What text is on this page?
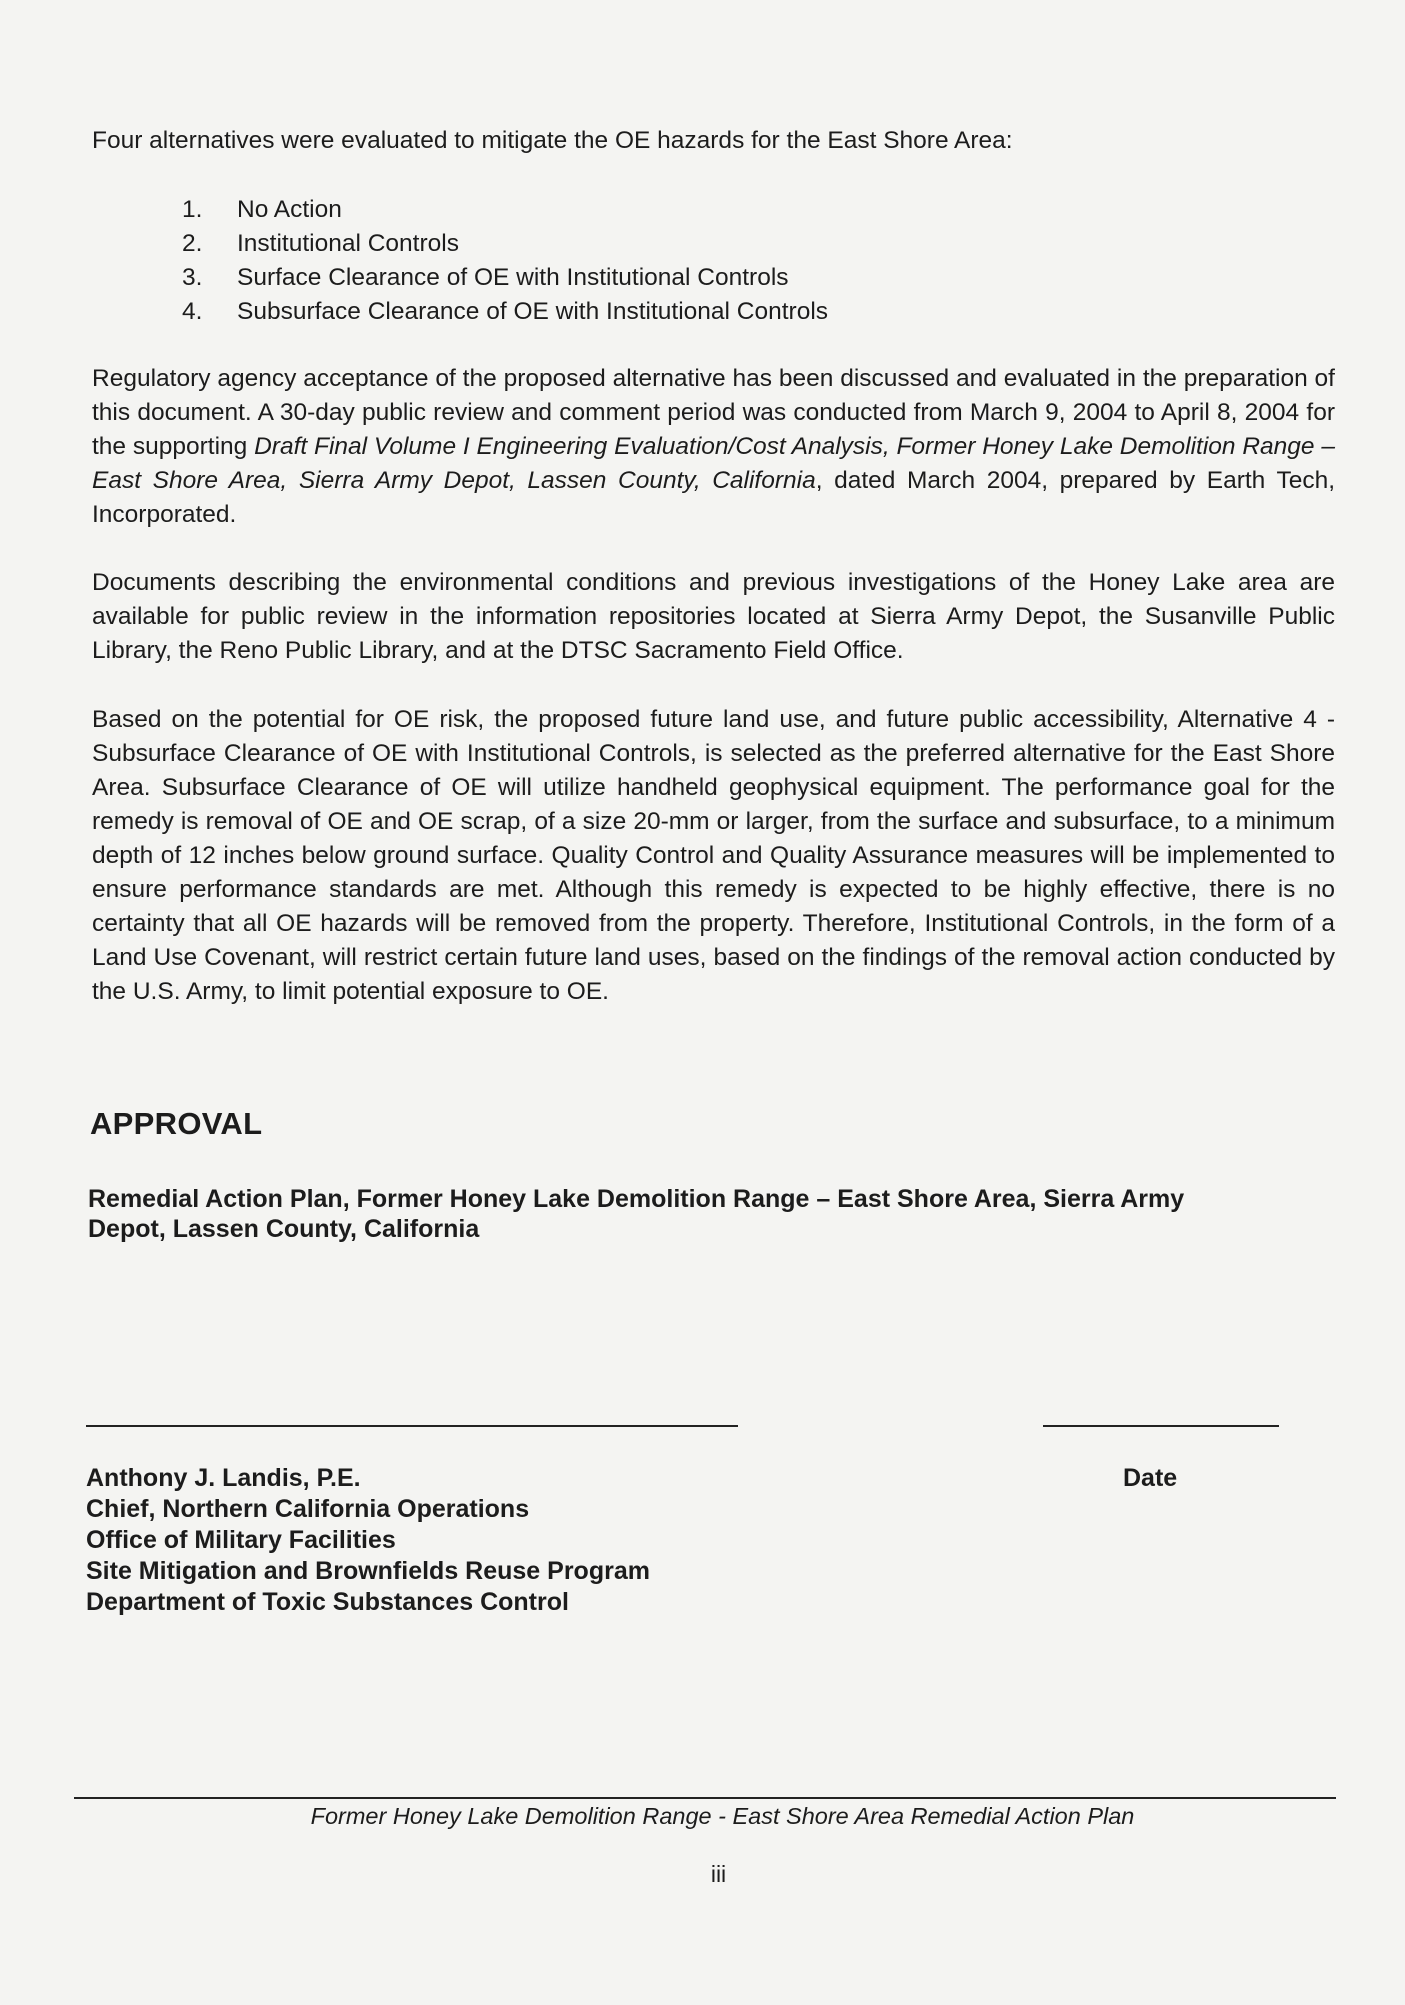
Four alternatives were evaluated to mitigate the OE hazards for the East Shore Area:
1.	No Action
2.	Institutional Controls
3.	Surface Clearance of OE with Institutional Controls
4.	Subsurface Clearance of OE with Institutional Controls

Regulatory agency acceptance of the proposed alternative has been discussed and evaluated in the preparation of this document. A 30-day public review and comment period was conducted from March 9, 2004 to April 8, 2004 for the supporting Draft Final Volume I Engineering Evaluation/Cost Analysis, Former Honey Lake Demolition Range – East Shore Area, Sierra Army Depot, Lassen County, California, dated March 2004, prepared by Earth Tech, Incorporated.

Documents describing the environmental conditions and previous investigations of the Honey Lake area are available for public review in the information repositories located at Sierra Army Depot, the Susanville Public Library, the Reno Public Library, and at the DTSC Sacramento Field Office.

Based on the potential for OE risk, the proposed future land use, and future public accessibility, Alternative 4 - Subsurface Clearance of OE with Institutional Controls, is selected as the preferred alternative for the East Shore Area. Subsurface Clearance of OE will utilize handheld geophysical equipment. The performance goal for the remedy is removal of OE and OE scrap, of a size 20-mm or larger, from the surface and subsurface, to a minimum depth of 12 inches below ground surface. Quality Control and Quality Assurance measures will be implemented to ensure performance standards are met. Although this remedy is expected to be highly effective, there is no certainty that all OE hazards will be removed from the property. Therefore, Institutional Controls, in the form of a Land Use Covenant, will restrict certain future land uses, based on the findings of the removal action conducted by the U.S. Army, to limit potential exposure to OE.

APPROVAL
Remedial Action Plan, Former Honey Lake Demolition Range – East Shore Area, Sierra Army
Depot, Lassen County, California
Anthony J. Landis, P.E.
Chief, Northern California Operations
Office of Military Facilities
Site Mitigation and Brownfields Reuse Program
Department of Toxic Substances Control
Date
Former Honey Lake Demolition Range - East Shore Area Remedial Action Plan
iii
